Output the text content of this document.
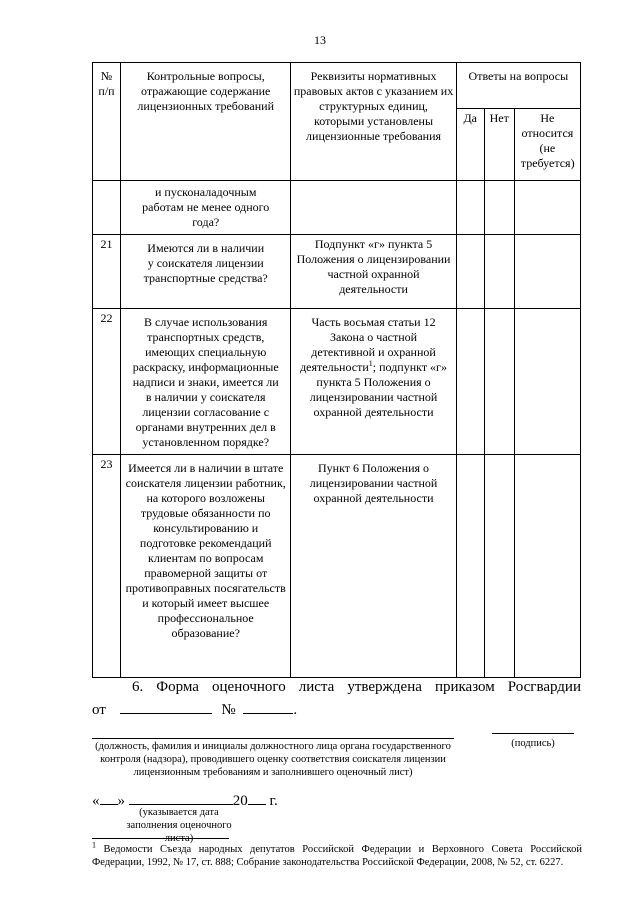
13
№ п/п	Контрольные вопросы, отражающие содержание лицензионных требований	Реквизиты нормативных правовых актов с указанием их структурных единиц, которыми установлены лицензионные требования	Ответы на вопросы		
			Да	Нет	Не относится (не требуется)
	и пусконаладочным работам не менее одного года?				
21	Имеются ли в наличии у соискателя лицензии транспортные средства?	Подпункт «г» пункта 5 Положения о лицензировании частной охранной деятельности			
22	В случае использования транспортных средств, имеющих специальную раскраску, информационные надписи и знаки, имеется ли в наличии у соискателя лицензии согласование с органами внутренних дел в установленном порядке?	Часть восьмая статьи 12 Закона о частной детективной и охранной деятельности$^1$; подпункт «г» пункта 5 Положения о лицензировании частной охранной деятельности			
23	Имеется ли в наличии в штате соискателя лицензии работник, на которого возложены трудовые обязанности по консультированию и подготовке рекомендаций клиентам по вопросам правомерной защиты от противоправных посягательств и который имеет высшее профессиональное образование?	Пункт 6 Положения о лицензировании частной охранной деятельности			
6. Форма оценочного листа утверждена приказом Росгвардии
от	№	.
(должность, фамилия и инициалы должностного лица органа государственного контроля (надзора), проводившего оценку соответствия соискателя лицензии лицензионным требованиям и заполнившего оценочный лист)
(подпись)
« »	20 г.
(указывается дата заполнения оценочного листа)
$^1$ Ведомости Съезда народных депутатов Российской Федерации и Верховного Совета Российской Федерации, 1992, № 17, ст. 888; Собрание законодательства Российской Федерации, 2008, № 52, ст. 6227.
